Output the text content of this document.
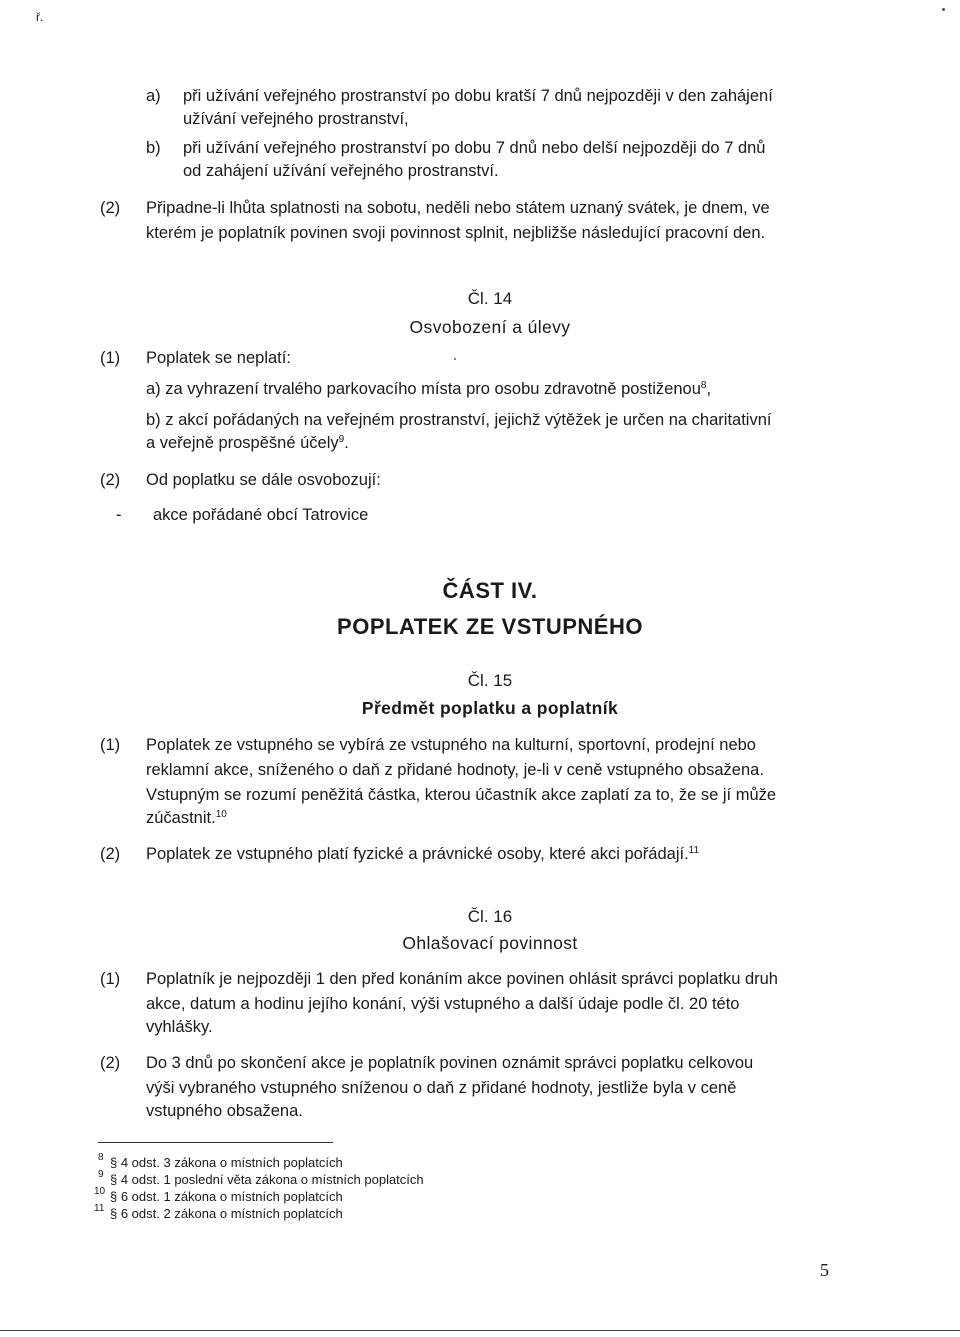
ř.
a) při užívání veřejného prostranství po dobu kratší 7 dnů nejpozději v den zahájení
užívání veřejného prostranství,
b) při užívání veřejného prostranství po dobu 7 dnů nebo delší nejpozději do 7 dnů
od zahájení užívání veřejného prostranství.
(2) Připadne-li lhůta splatnosti na sobotu, neděli nebo státem uznaný svátek, je dnem, ve
kterém je poplatník povinen svoji povinnost splnit, nejbližše následující pracovní den.
Čl. 14
Osvobození a úlevy
(1) Poplatek se neplatí:
a) za vyhrazení trvalého parkovacího místa pro osobu zdravotně postiženou$^8$,
b) z akcí pořádaných na veřejném prostranství, jejichž výtěžek je určen na charitativní
a veřejně prospěšné účely$^9$.
(2) Od poplatku se dále osvobozují:
- akce pořádané obcí Tatrovice
ČÁST IV.
POPLATEK ZE VSTUPNÉHO
Čl. 15
Předmět poplatku a poplatník
(1) Poplatek ze vstupného se vybírá ze vstupného na kulturní, sportovní, prodejní nebo
reklamní akce, sníženého o daň z přidané hodnoty, je-li v ceně vstupného obsažena.
Vstupným se rozumí peněžitá částka, kterou účastník akce zaplatí za to, že se jí může
zúčastnit.$^{10}$
(2) Poplatek ze vstupného platí fyzické a právnické osoby, které akci pořádají.$^{11}$
Čl. 16
Ohlašovací povinnost
(1) Poplatník je nejpozději 1 den před konáním akce povinen ohlásit správci poplatku druh
akce, datum a hodinu jejího konání, výši vstupného a další údaje podle čl. 20 této
vyhlášky.
(2) Do 3 dnů po skončení akce je poplatník povinen oznámit správci poplatku celkovou
výši vybraného vstupného sníženou o daň z přidané hodnoty, jestliže byla v ceně
vstupného obsažena.
8 § 4 odst. 3 zákona o místních poplatcích
9 § 4 odst. 1 poslední věta zákona o místních poplatcích
10 § 6 odst. 1 zákona o místních poplatcích
11 § 6 odst. 2 zákona o místních poplatcích
5
